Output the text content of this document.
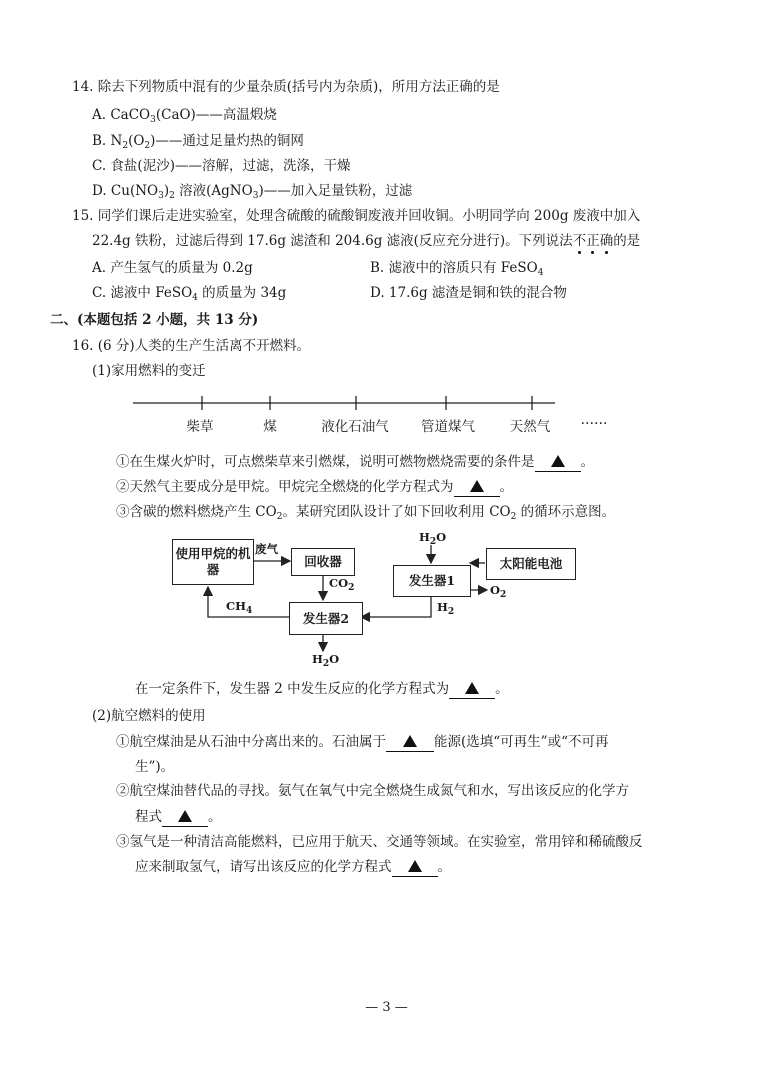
14. 除去下列物质中混有的少量杂质(括号内为杂质)，所用方法正确的是
A. CaCO$_3$(CaO)——高温煅烧
B. $N_2(O_2)——$通过足量灼热的铜网
C. 食盐(泥沙)——溶解，过滤，洗涤，干燥
D. $Cu(NO_3)_2$ 溶液(AgNO$_3$)——加入足量铁粉，过滤
15. 同学们课后走进实验室，处理含硫酸的硫酸铜废液并回收铜。小明同学向 200g 废液中加入
22.4g 铁粉，过滤后得到 17.6g 滤渣和 204.6g 滤液(反应充分进行)。下列说法不正确的是
A. 产生氢气的质量为 0.2g	B. 滤液中的溶质只有 FeSO$_4$
C. 滤液中 FeSO$_4$ 的质量为 34g	D. 17.6g 滤渣是铜和铁的混合物
二、(本题包括 2 小题，共 13 分)
16. (6 分)人类的生产生活离不开燃料。
(1)家用燃料的变迁
柴草	煤	液化石油气 管道煤气	天然气 ……
①在生煤火炉时，可点燃柴草来引燃煤，说明可燃物燃烧需要的条件是	。
②天然气主要成分是甲烷。甲烷完全燃烧的化学方程式为	。
③含碳的燃料燃烧产生 $CO_2$。某研究团队设计了如下回收利用 $CO_2$ 的循环示意图。
使用甲烷的机器
回收器
发生器1
太阳能电池
发生器2
废气
$CO_2$
$CH_4$
$H_2O$
$O_2$
$H_2$
$H_2O$
在一定条件下，发生器 2 中发生反应的化学方程式为	。
(2)航空燃料的使用
①航空煤油是从石油中分离出来的。石油属于	能源(选填“可再生”或“不可再
生”)。
②航空煤油替代品的寻找。氨气在氧气中完全燃烧生成氮气和水，写出该反应的化学方
程式	。
③氢气是一种清洁高能燃料，已应用于航天、交通等领域。在实验室，常用锌和稀硫酸反
应来制取氢气，请写出该反应的化学方程式	。
— 3 —
